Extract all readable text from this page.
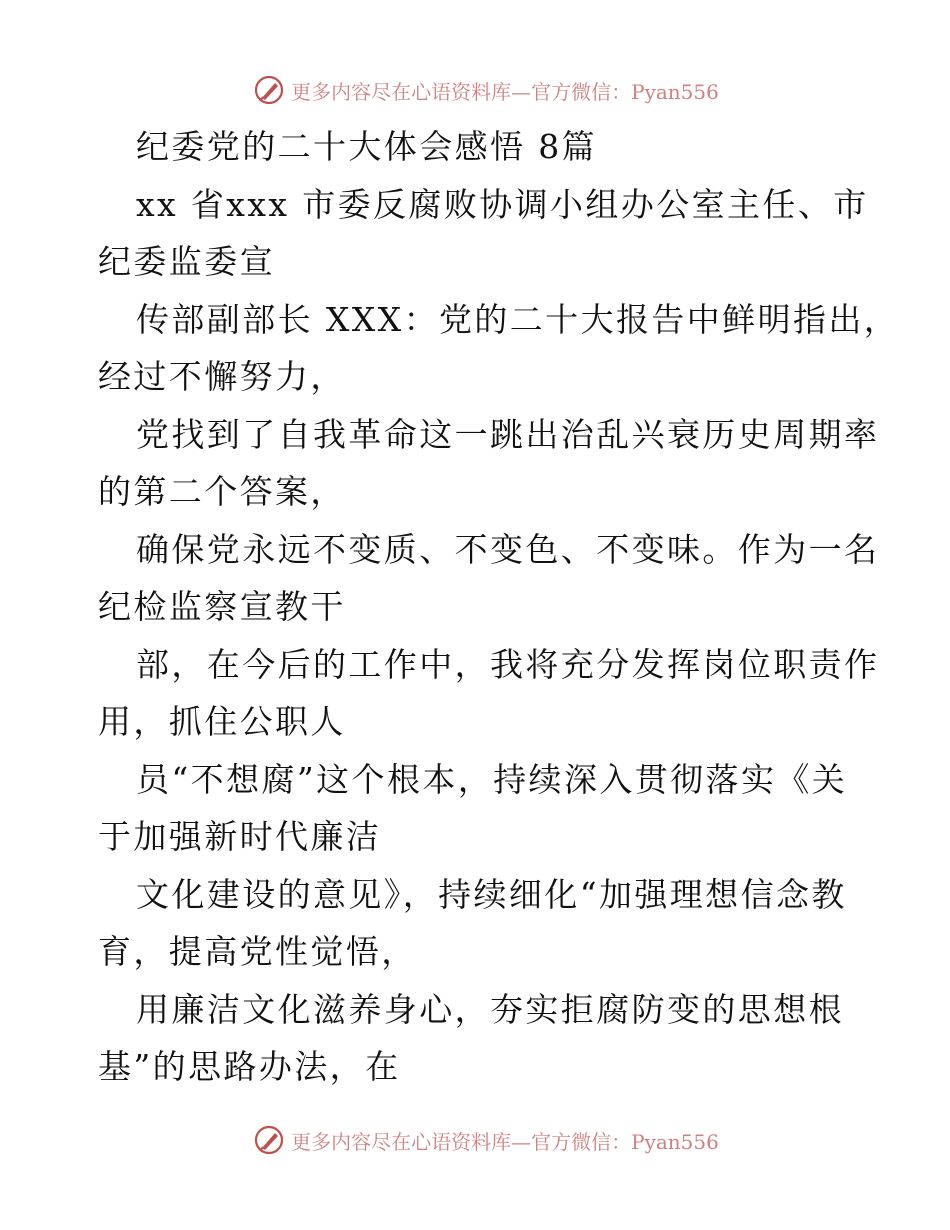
更多内容尽在心语资料库—官方微信：Pyan556
纪委党的二十大体会感悟 8篇
xx 省xxx 市委反腐败协调小组办公室主任、市
纪委监委宣
传部副部长 XXX：党的二十大报告中鲜明指出，
经过不懈努力，
党找到了自我革命这一跳出治乱兴衰历史周期率
的第二个答案，
确保党永远不变质、不变色、不变味。作为一名
纪检监察宣教干
部，在今后的工作中，我将充分发挥岗位职责作
用，抓住公职人
员“不想腐”这个根本，持续深入贯彻落实《关
于加强新时代廉洁
文化建设的意见》，持续细化“加强理想信念教
育，提高党性觉悟，
用廉洁文化滋养身心，夯实拒腐防变的思想根
基”的思路办法，在
更多内容尽在心语资料库—官方微信：Pyan556
